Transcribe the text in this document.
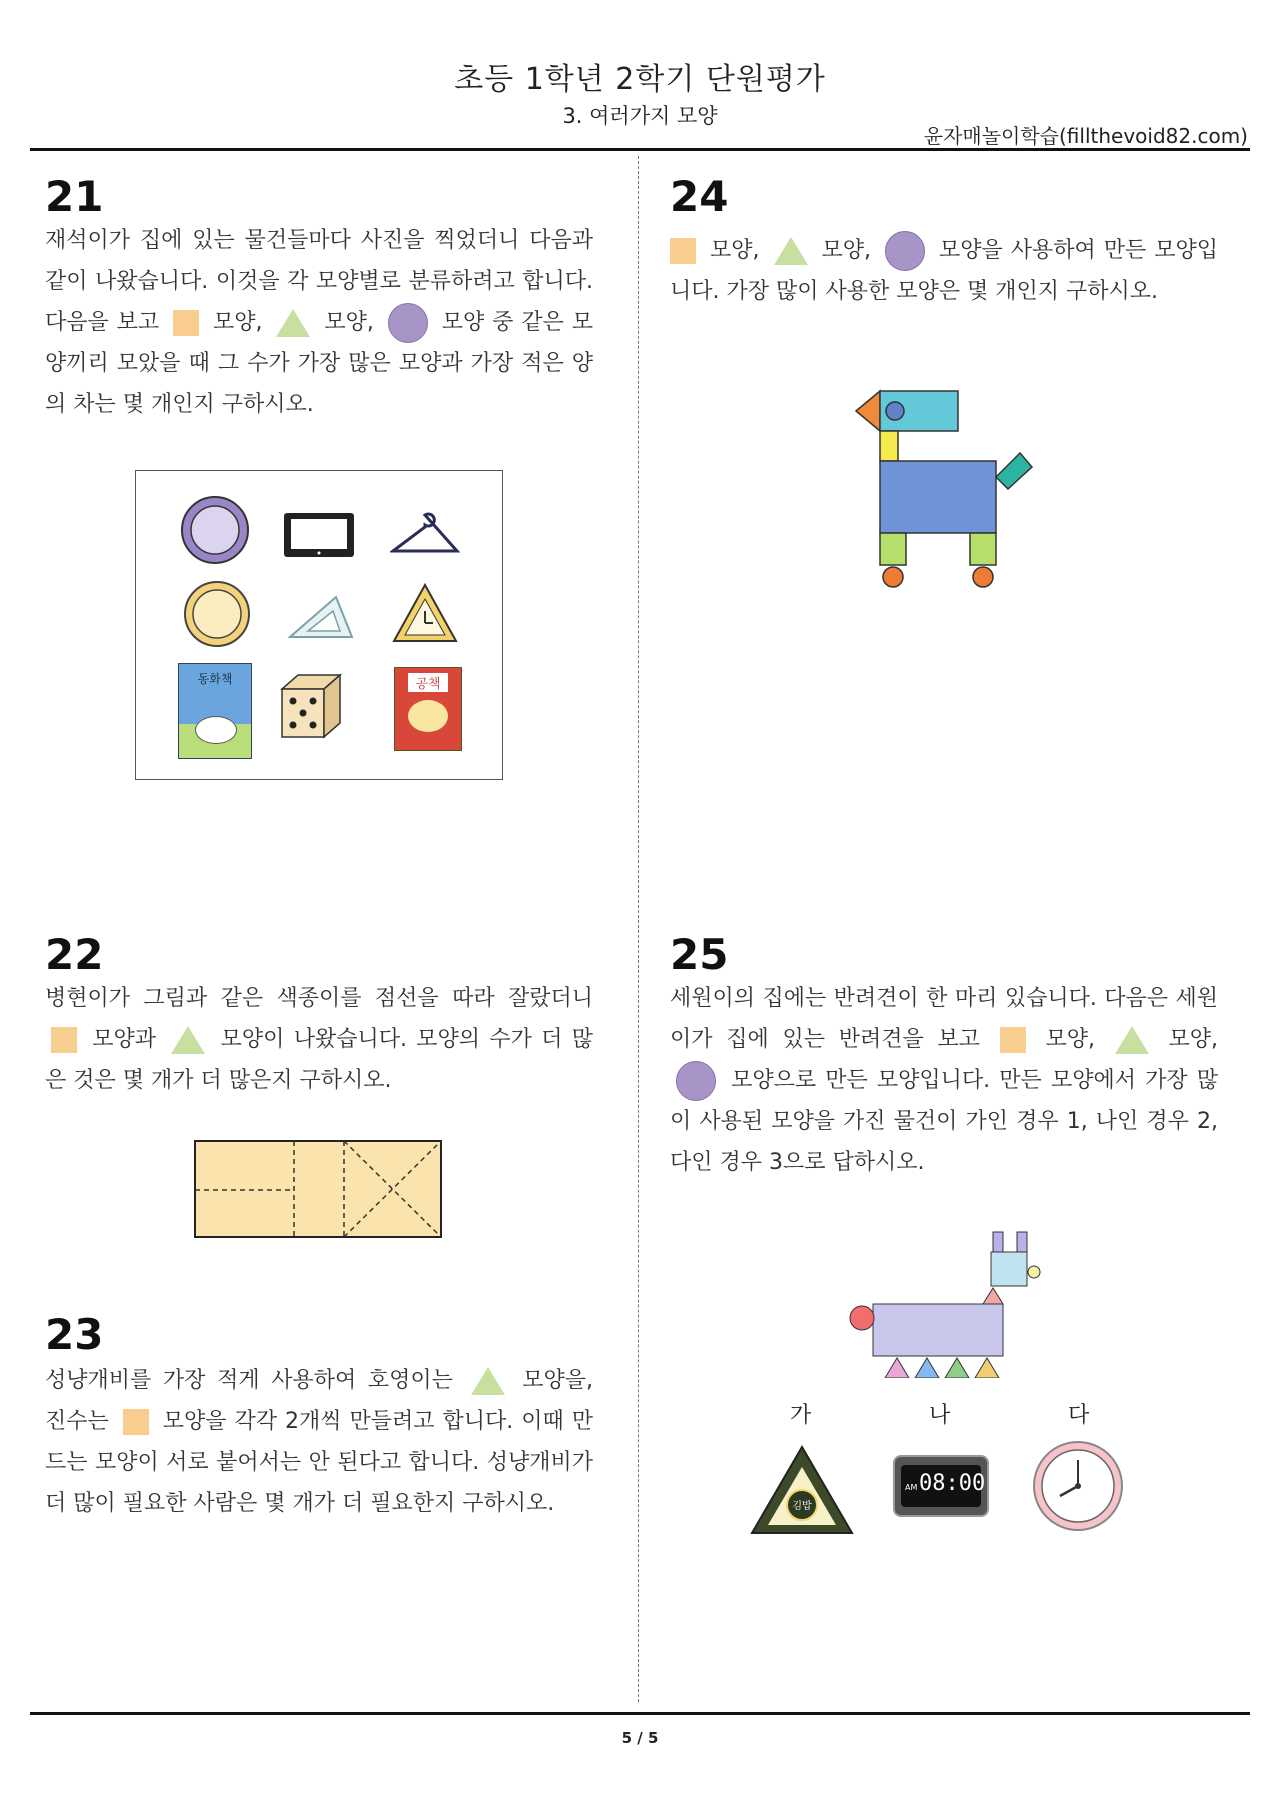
초등 1학년 2학기 단원평가
3. 여러가지 모양
윤자매놀이학습(fillthevoid82.com)
21
재석이가 집에 있는 물건들마다 사진을 찍었더니 다음과 같이 나왔습니다. 이것을 각 모양별로 분류하려고 합니다. 다음을 보고  모양,  모양,  모양 중 같은 모양끼리 모았을 때 그 수가 가장 많은 모양과 가장 적은 양의 차는 몇 개인지 구하시오.
동화책	공책
22
병현이가 그림과 같은 색종이를 점선을 따라 잘랐더니  모양과  모양이 나왔습니다. 모양의 수가 더 많은 것은 몇 개가 더 많은지 구하시오.
23
성냥개비를 가장 적게 사용하여 호영이는  모양을, 진수는  모양을 각각 2개씩 만들려고 합니다. 이때 만드는 모양이 서로 붙어서는 안 된다고 합니다. 성냥개비가 더 많이 필요한 사람은 몇 개가 더 필요한지 구하시오.
24
모양,  모양,  모양을 사용하여 만든 모양입니다. 가장 많이 사용한 모양은 몇 개인지 구하시오.
25
세원이의 집에는 반려견이 한 마리 있습니다. 다음은 세원이가 집에 있는 반려견을 보고  모양,  모양,  모양으로 만든 모양입니다. 만든 모양에서 가장 많이 사용된 모양을 가진 물건이 가인 경우 1, 나인 경우 2, 다인 경우 3으로 답하시오.
가	나	다
김밥
AM 08:00
5 / 5
